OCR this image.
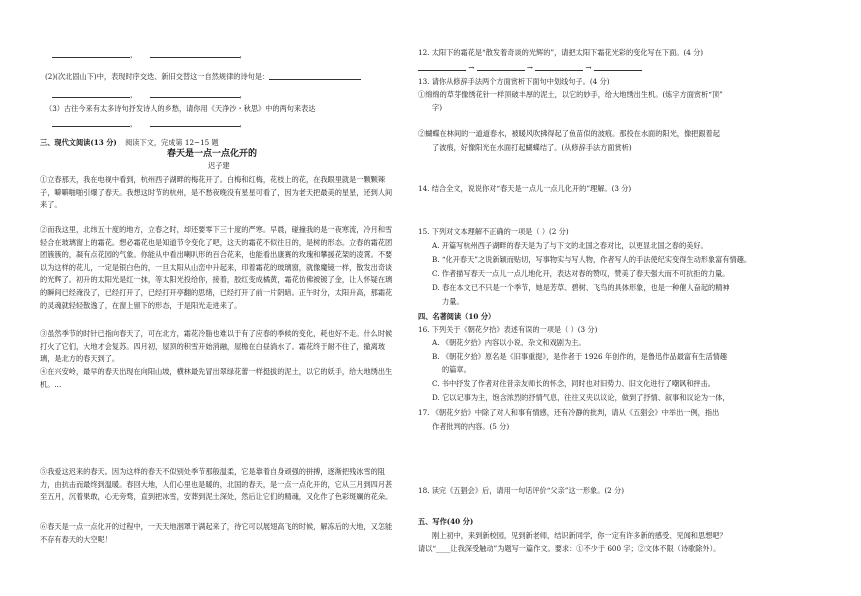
，	，
(2)(次北固山下)中，表现时序交迭、新旧交替这一自然规律的诗句是：
，	，
（3）古往今来有太多诗句抒发诗人的乡愁，请你用《天净沙・秋思》中的两句来表达
，	，
三、现代文阅读(13 分) 阅读下文，完成第 12~15 题
春天是一点一点化开的
迟子建
①立春那天，我在电视中看到，杭州西子湖畔的梅花开了。白梅和红梅，花枝上的花，在我眼里就是一颗颗辣子，噼噼啪啪引爆了春天。我想这时节的杭州，是不愁夜晚没有星星可看了，因为老天把最美的星星，还到人间来了。
②而我这里，北纬五十度的地方，立春之时，却还要零下三十度的严寒。早晨，碰撞我的是一夜寒流，冷月和雪轻合在玻璃窗上的霜花。想必霜花也是知道节令变化了吧，这天的霜花不似往日的，是树的形态。立春的霜花团团簇簇的，凝有点花园的气象。你能从中看出喇叭形的百合花来，也能看出康赛的玫瑰和攀援花架的凌霄。不要以为这样的花儿，一定是银白色的，一旦太阳从山峦中升起来，印着霜花的玻璃窗，就像魔镜一样，散发出奇谈的光辉了。初升的太阳光是红一抹，等太阳光投给你，接着，胶红变成橘黄，霜花仿佛被镀了金，让人怀疑在璃的瞬间已经淹没了，已经打开了，已经打开亭翻的思绪，已经打开了前一片阴暗。正午时分，太阳升高，那霜花的灵魂就轻轻散逸了，在窗上留下的形态，于是阳光走进来了。
③虽然季节的时针已指向春天了，可在北方，霜花冷脂也难以于有了应春的季候的变化，耗也好不走。什么时候打火了它们，大地才会复苏。四月初，屋顶的积雪开始消融，屋檐在白昼淌水了。霜花终于耐不住了，撤离玻璃，是北方的春天到了。
④在兴安岭，最早的春天出现在向阳山坡，横林最先冒出翠绿花蕾一样挺拔的泥土，以它的妖手，给大地绣出生机。...
⑤我爱这迟来的春天。因为这样的春天不似别处季节那般温柔，它是靠着自身顽强的拼搏，逐渐把残冰雪的阻力，由抗击而最终到温暖。春回大地，人们心里也是暖的，北国的春天，是一点一点化开的，它从三月到四月甚至五月，沉着果敢，心无旁骛，直到把冰雪，安葬到泥土深处，然后让它们的精魂，又化作了色彩斑斓的花朵。
⑥春天是一点一点化开的过程中，一天天地洇罩于满起来了，待它可以展翅高飞的时候，解冻后的大地，又怎能不存有春天的大空呢！
12. 太阳下的霜花是“散发着奇谈的光辉的”，请把太阳下霜花光彩的变化写在下面。(4 分)
→	→	→
13. 请你从修辞手法两个方面赏析下面句中划线句子。(4 分)
①绵绵的草芽像绣花针一样顶破丰厚的泥土，以它的妙手，给大地绣出生机。(炼字方面赏析“顶”
字)
②蝴蝶在林间的一道道春水，被暖风吹拂得起了鱼苗似的波痕。那投在水面的阳光，像把跟着起
了波痕，好像阳光在水面打起蝴蝶结了。(从修辞手法方面赏析)
14. 结合全文，说说你对“春天是一点儿一点儿化开的”理解。(3 分)
15. 下列对文本理解不正确的一项是（ ）(2 分)
A. 开篇写杭州西子湖畔的春天是为了与下文的北国之春对比，以更显北国之春的美好。
B. “化开春天”之说新颖而贴切，写事物实与写人物，作者写人的手法使纪实变得生动形象富有情趣。
C. 作者描写春天一点儿一点儿地化开，表达对春的赞叹，赞美了春天强大而不可抗拒的力量。
D. 春在本文已不只是一个季节，她是芳草、碧树、飞鸟的具体形象，也是一种催人奋起的精神
力量。
四、名著阅读（10 分）
16. 下列关于《朝花夕拾》表述有误的一项是（ ）(3 分)
A. 《朝花夕拾》内容以小说、杂文和戏剧为主。
B. 《朝花夕拾》原名是《旧事重提》，是作者于 1926 年创作的，是鲁迅作品最富有生活情趣
的篇章。
C. 书中抒发了作者对往昔亲友师长的怀念，同时也对旧势力、旧文化进行了嘲讽和抨击。
D. 它以记事为主，饱含浓烈的抒情气息，往往又夹以议论，做到了抒情、叙事和议论为一体，
17. 《朝花夕拾》中除了对人和事有情感，还有冷静的批判，请从《五猖会》中举出一例，指出
作者批判的内容。(5 分)
18. 读完《五猖会》后，请用一句话评价“父亲”这一形象。(2 分)
五、写作(40 分)
刚上初中，来到新校园，见到新老师，结识新同学，你一定有许多新的感受、见闻和思想吧？
请以“____让我深受触动”为题写一篇作文。要求：①不少于 600 字；②文体不限（诗歌除外）。
